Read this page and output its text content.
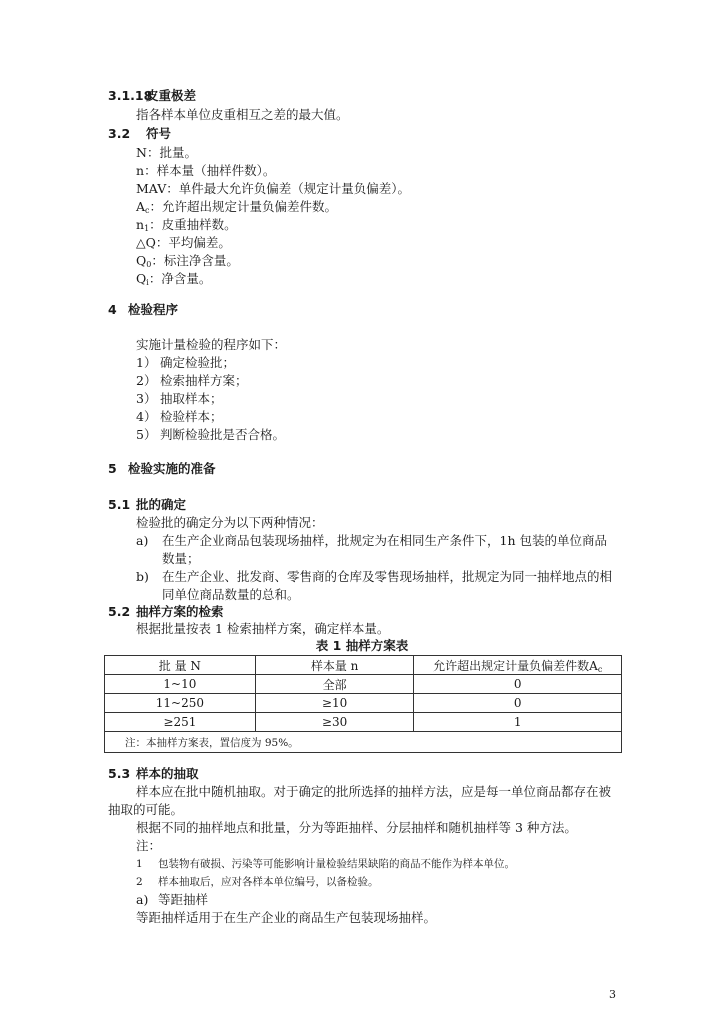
3.1.18皮重极差
指各样本单位皮重相互之差的最大值。
3.2 符号
N：批量。
n：样本量（抽样件数）。
MAV：单件最大允许负偏差（规定计量负偏差）。
$A_c$：允许超出规定计量负偏差件数。
$n_1$：皮重抽样数。
△Q：平均偏差。
$Q_0$：标注净含量。
$Q_i$：净含量。
4 检验程序
实施计量检验的程序如下：
1） 确定检验批；
2） 检索抽样方案；
3） 抽取样本；
4） 检验样本；
5） 判断检验批是否合格。
5 检验实施的准备
5.1 批的确定
检验批的确定分为以下两种情况：
a) 在生产企业商品包装现场抽样，批规定为在相同生产条件下，1h 包装的单位商品
数量；
b) 在生产企业、批发商、零售商的仓库及零售现场抽样，批规定为同一抽样地点的相
同单位商品数量的总和。
5.2 抽样方案的检索
根据批量按表 1 检索抽样方案，确定样本量。
表 1 抽样方案表
批 量 N	样本量 n	允许超出规定计量负偏差件数$A_c$
1~10	全部	0
11~250	≥10	0
≥251	≥30	1
注：本抽样方案表，置信度为 95%。		
5.3 样本的抽取
样本应在批中随机抽取。对于确定的批所选择的抽样方法，应是每一单位商品都存在被
抽取的可能。
根据不同的抽样地点和批量，分为等距抽样、分层抽样和随机抽样等 3 种方法。
注：
1 包装物有破损、污染等可能影响计量检验结果缺陷的商品不能作为样本单位。
2 样本抽取后，应对各样本单位编号，以备检验。
a) 等距抽样
等距抽样适用于在生产企业的商品生产包装现场抽样。
3
